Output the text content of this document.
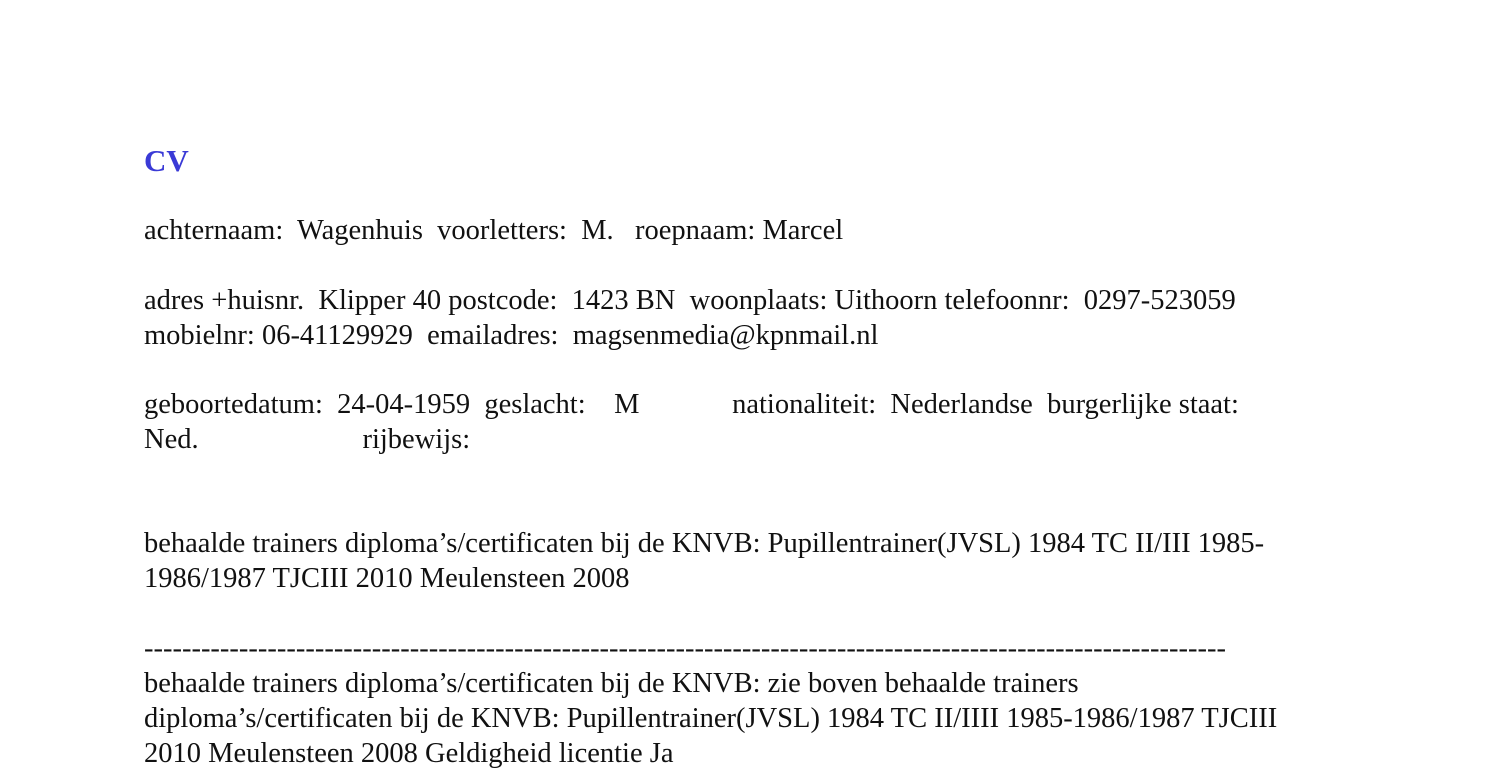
CV

achternaam:  Wagenhuis  voorletters:  M.   roepnaam: Marcel

adres +huisnr.  Klipper 40 postcode:  1423 BN  woonplaats: Uithoorn telefoonnr:  0297-523059

mobielnr: 06-41129929  emailadres:  magsenmedia@kpnmail.nl

geboortedatum:  24-04-1959  geslacht:    M             nationaliteit:  Nederlandse  burgerlijke staat:

Ned.                       rijbewijs:

behaalde trainers diploma’s/certificaten bij de KNVB: Pupillentrainer(JVSL) 1984 TC II/III 1985-

1986/1987 TJCIII 2010 Meulensteen 2008

------------------------------------------------------------------------------------------------------------------

behaalde trainers diploma’s/certificaten bij de KNVB: zie boven behaalde trainers

diploma’s/certificaten bij de KNVB: Pupillentrainer(JVSL) 1984 TC II/IIII 1985-1986/1987 TJCIII

2010 Meulensteen 2008 Geldigheid licentie Ja
